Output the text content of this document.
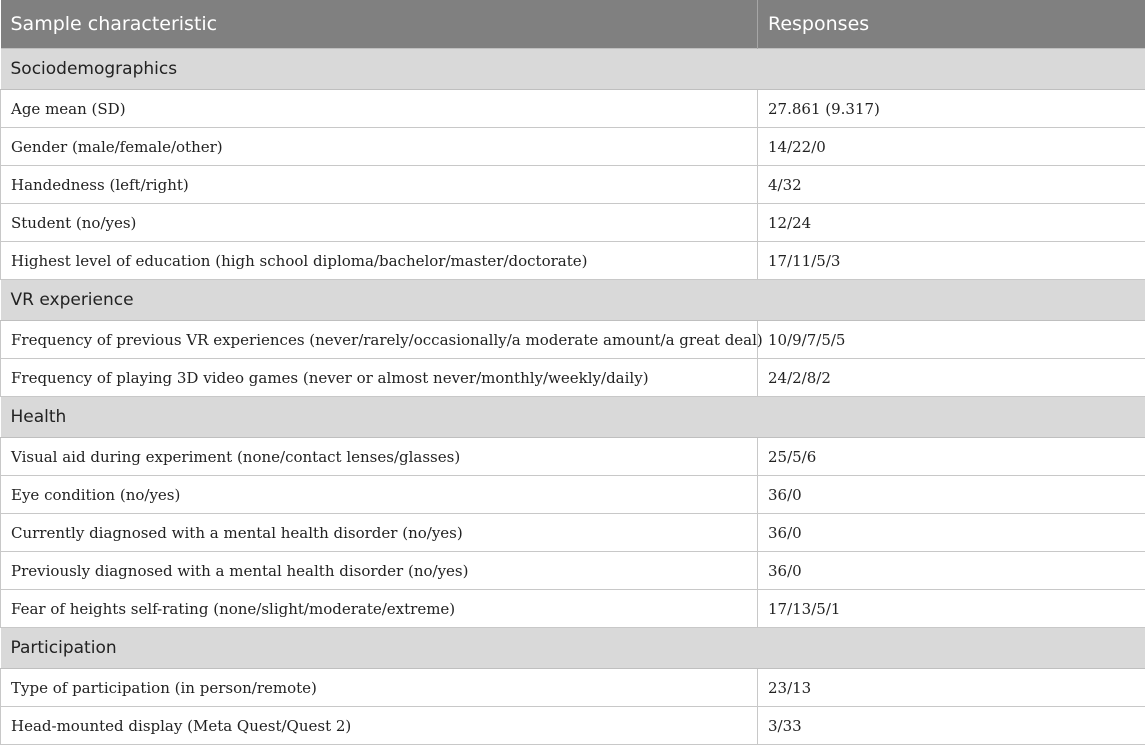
Sample characteristic	Responses
Sociodemographics	
Age mean (SD)	27.861 (9.317)
Gender (male/female/other)	14/22/0
Handedness (left/right)	4/32
Student (no/yes)	12/24
Highest level of education (high school diploma/bachelor/master/doctorate)	17/11/5/3
VR experience	
Frequency of previous VR experiences (never/rarely/occasionally/a moderate amount/a great deal)	10/9/7/5/5
Frequency of playing 3D video games (never or almost never/monthly/weekly/daily)	24/2/8/2
Health	
Visual aid during experiment (none/contact lenses/glasses)	25/5/6
Eye condition (no/yes)	36/0
Currently diagnosed with a mental health disorder (no/yes)	36/0
Previously diagnosed with a mental health disorder (no/yes)	36/0
Fear of heights self-rating (none/slight/moderate/extreme)	17/13/5/1
Participation	
Type of participation (in person/remote)	23/13
Head-mounted display (Meta Quest/Quest 2)	3/33
